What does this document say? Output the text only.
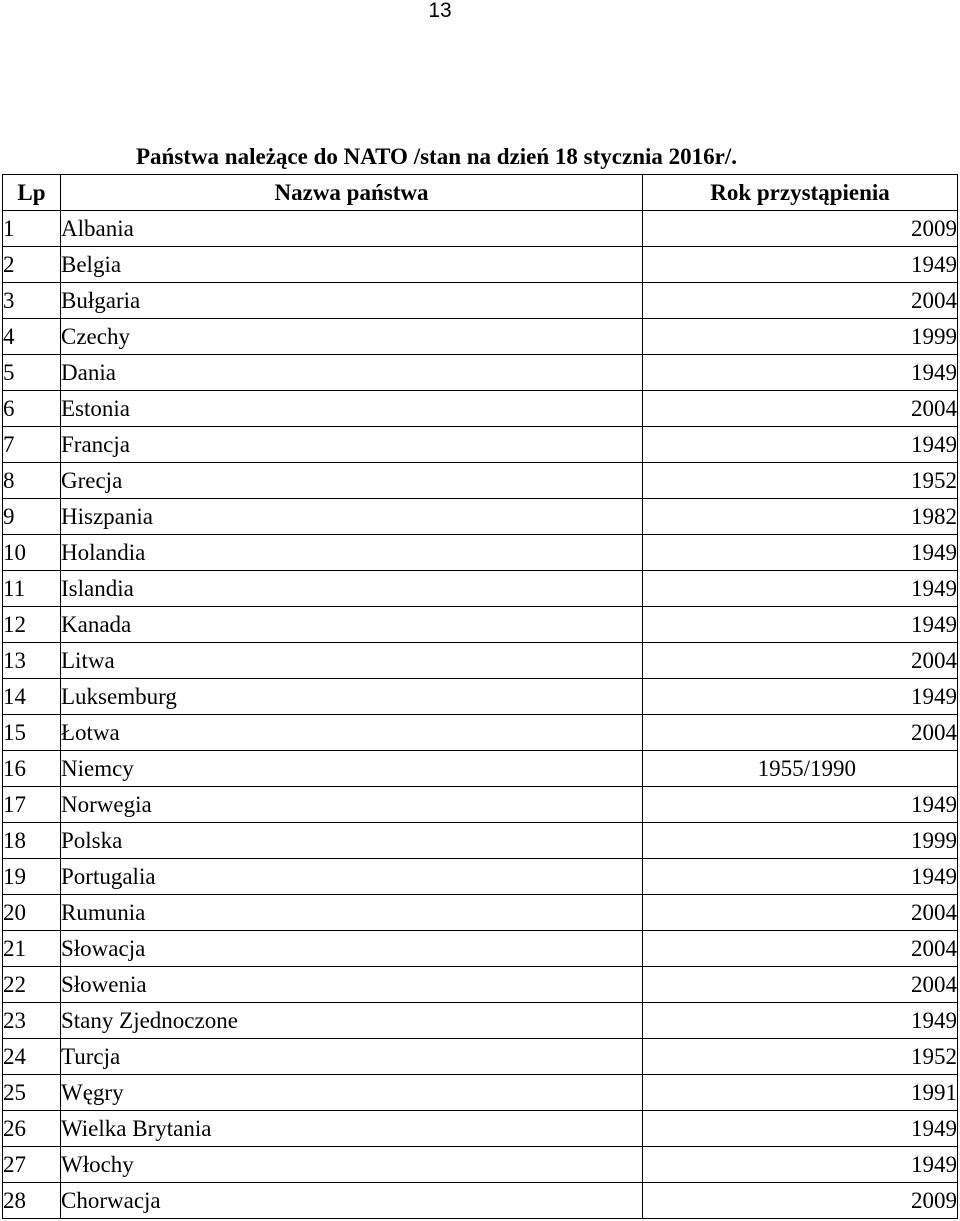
13
Państwa należące do NATO /stan na dzień 18 stycznia 2016r/.
Lp	Nazwa państwa	Rok przystąpienia
1	Albania	2009
2	Belgia	1949
3	Bułgaria	2004
4	Czechy	1999
5	Dania	1949
6	Estonia	2004
7	Francja	1949
8	Grecja	1952
9	Hiszpania	1982
10	Holandia	1949
11	Islandia	1949
12	Kanada	1949
13	Litwa	2004
14	Luksemburg	1949
15	Łotwa	2004
16	Niemcy	1955/1990
17	Norwegia	1949
18	Polska	1999
19	Portugalia	1949
20	Rumunia	2004
21	Słowacja	2004
22	Słowenia	2004
23	Stany Zjednoczone	1949
24	Turcja	1952
25	Węgry	1991
26	Wielka Brytania	1949
27	Włochy	1949
28	Chorwacja	2009
